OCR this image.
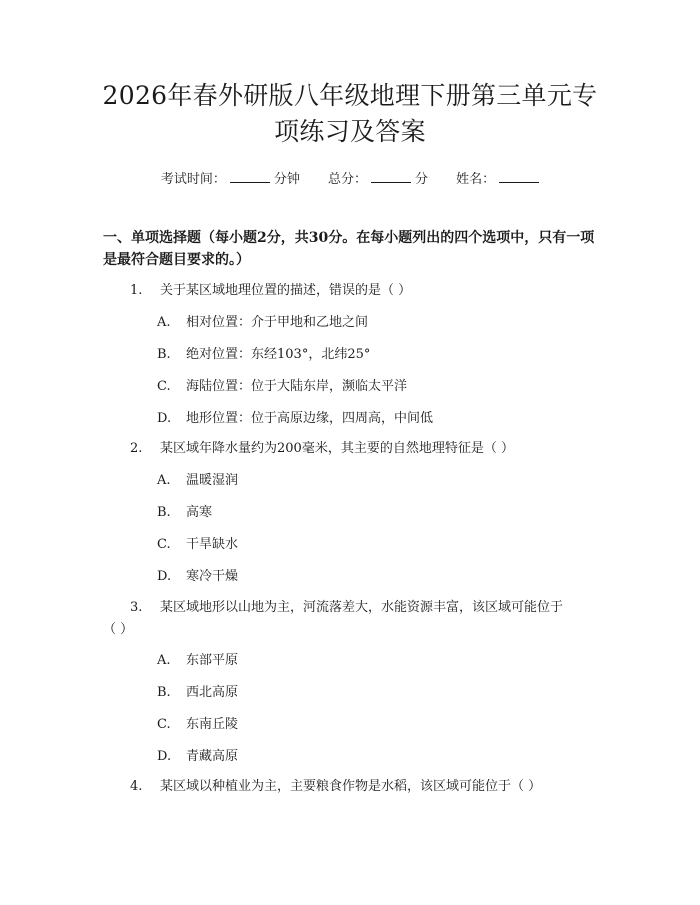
2026年春外研版八年级地理下册第三单元专
项练习及答案
考试时间：	分钟 总分：	分 姓名：
一、单项选择题（每小题2分，共30分。在每小题列出的四个选项中，只有一项
是最符合题目要求的。）
1. 关于某区域地理位置的描述，错误的是（ ）
A. 相对位置：介于甲地和乙地之间
B. 绝对位置：东经103°，北纬25°
C. 海陆位置：位于大陆东岸，濒临太平洋
D. 地形位置：位于高原边缘，四周高，中间低
2. 某区域年降水量约为200毫米，其主要的自然地理特征是（ ）
A. 温暖湿润
B. 高寒
C. 干旱缺水
D. 寒冷干燥
3. 某区域地形以山地为主，河流落差大，水能资源丰富，该区域可能位于
（ ）
A. 东部平原
B. 西北高原
C. 东南丘陵
D. 青藏高原
4. 某区域以种植业为主，主要粮食作物是水稻，该区域可能位于（ ）
